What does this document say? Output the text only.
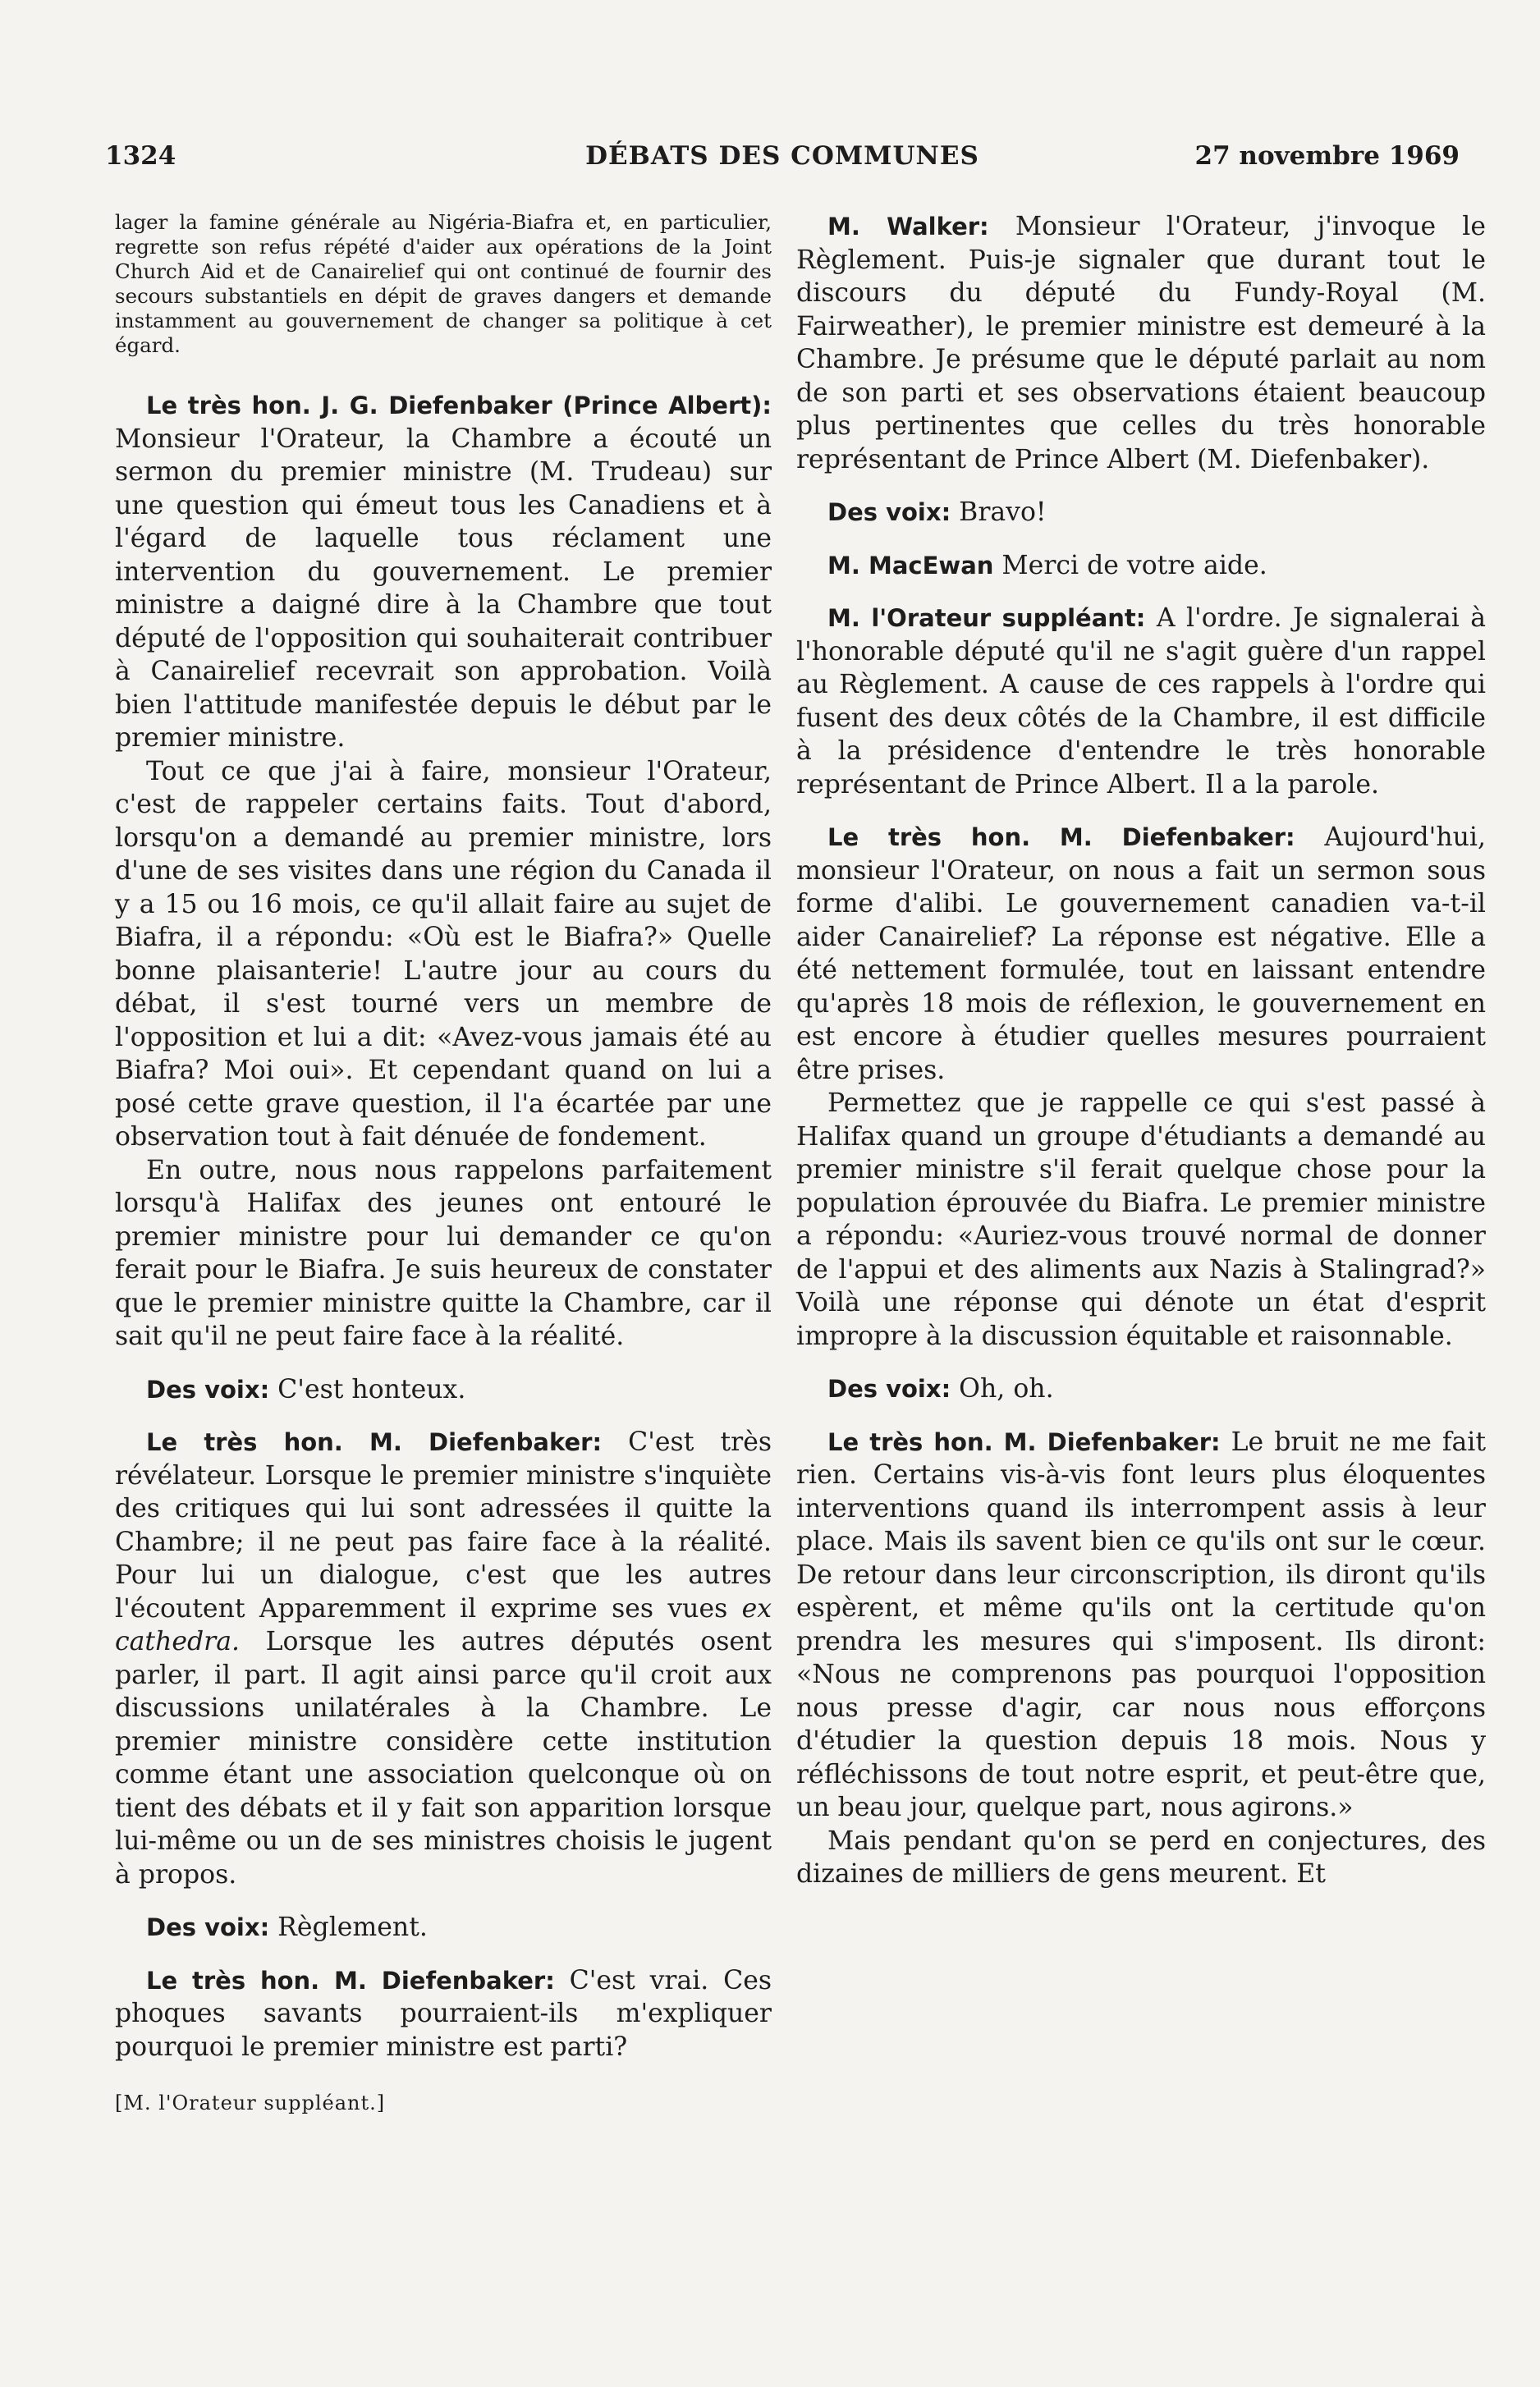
1324	DÉBATS DES COMMUNES	27 novembre 1969

lager la famine générale au Nigéria-Biafra et, en particulier, regrette son refus répété d'aider aux opérations de la Joint Church Aid et de Canairelief qui ont continué de fournir des secours substantiels en dépit de graves dangers et demande instamment au gouvernement de changer sa politique à cet égard.

Le très hon. J. G. Diefenbaker (Prince Albert): Monsieur l'Orateur, la Chambre a écouté un sermon du premier ministre (M. Trudeau) sur une question qui émeut tous les Canadiens et à l'égard de laquelle tous réclament une intervention du gouvernement. Le premier ministre a daigné dire à la Chambre que tout député de l'opposition qui souhaiterait contribuer à Canairelief recevrait son approbation. Voilà bien l'attitude manifestée depuis le début par le premier ministre.

Tout ce que j'ai à faire, monsieur l'Orateur, c'est de rappeler certains faits. Tout d'abord, lorsqu'on a demandé au premier ministre, lors d'une de ses visites dans une région du Canada il y a 15 ou 16 mois, ce qu'il allait faire au sujet de Biafra, il a répondu: «Où est le Biafra?» Quelle bonne plaisanterie! L'autre jour au cours du débat, il s'est tourné vers un membre de l'opposition et lui a dit: «Avez-vous jamais été au Biafra? Moi oui». Et cependant quand on lui a posé cette grave question, il l'a écartée par une observation tout à fait dénuée de fondement.

En outre, nous nous rappelons parfaitement lorsqu'à Halifax des jeunes ont entouré le premier ministre pour lui demander ce qu'on ferait pour le Biafra. Je suis heureux de constater que le premier ministre quitte la Chambre, car il sait qu'il ne peut faire face à la réalité.

Des voix: C'est honteux.

Le très hon. M. Diefenbaker: C'est très révélateur. Lorsque le premier ministre s'inquiète des critiques qui lui sont adressées il quitte la Chambre; il ne peut pas faire face à la réalité. Pour lui un dialogue, c'est que les autres l'écoutent Apparemment il exprime ses vues ex cathedra. Lorsque les autres députés osent parler, il part. Il agit ainsi parce qu'il croit aux discussions unilatérales à la Chambre. Le premier ministre considère cette institution comme étant une association quelconque où on tient des débats et il y fait son apparition lorsque lui-même ou un de ses ministres choisis le jugent à propos.

Des voix: Règlement.

Le très hon. M. Diefenbaker: C'est vrai. Ces phoques savants pourraient-ils m'expliquer pourquoi le premier ministre est parti?

[M. l'Orateur suppléant.]

M. Walker: Monsieur l'Orateur, j'invoque le Règlement. Puis-je signaler que durant tout le discours du député du Fundy-Royal (M. Fairweather), le premier ministre est demeuré à la Chambre. Je présume que le député parlait au nom de son parti et ses observations étaient beaucoup plus pertinentes que celles du très honorable représentant de Prince Albert (M. Diefenbaker).

Des voix: Bravo!

M. MacEwan Merci de votre aide.

M. l'Orateur suppléant: A l'ordre. Je signalerai à l'honorable député qu'il ne s'agit guère d'un rappel au Règlement. A cause de ces rappels à l'ordre qui fusent des deux côtés de la Chambre, il est difficile à la présidence d'entendre le très honorable représentant de Prince Albert. Il a la parole.

Le très hon. M. Diefenbaker: Aujourd'hui, monsieur l'Orateur, on nous a fait un sermon sous forme d'alibi. Le gouvernement canadien va-t-il aider Canairelief? La réponse est négative. Elle a été nettement formulée, tout en laissant entendre qu'après 18 mois de réflexion, le gouvernement en est encore à étudier quelles mesures pourraient être prises.

Permettez que je rappelle ce qui s'est passé à Halifax quand un groupe d'étudiants a demandé au premier ministre s'il ferait quelque chose pour la population éprouvée du Biafra. Le premier ministre a répondu: «Auriez-vous trouvé normal de donner de l'appui et des aliments aux Nazis à Stalingrad?» Voilà une réponse qui dénote un état d'esprit impropre à la discussion équitable et raisonnable.

Des voix: Oh, oh.

Le très hon. M. Diefenbaker: Le bruit ne me fait rien. Certains vis-à-vis font leurs plus éloquentes interventions quand ils interrompent assis à leur place. Mais ils savent bien ce qu'ils ont sur le cœur. De retour dans leur circonscription, ils diront qu'ils espèrent, et même qu'ils ont la certitude qu'on prendra les mesures qui s'imposent. Ils diront: «Nous ne comprenons pas pourquoi l'opposition nous presse d'agir, car nous nous efforçons d'étudier la question depuis 18 mois. Nous y réfléchissons de tout notre esprit, et peut-être que, un beau jour, quelque part, nous agirons.»

Mais pendant qu'on se perd en conjectures, des dizaines de milliers de gens meurent. Et
